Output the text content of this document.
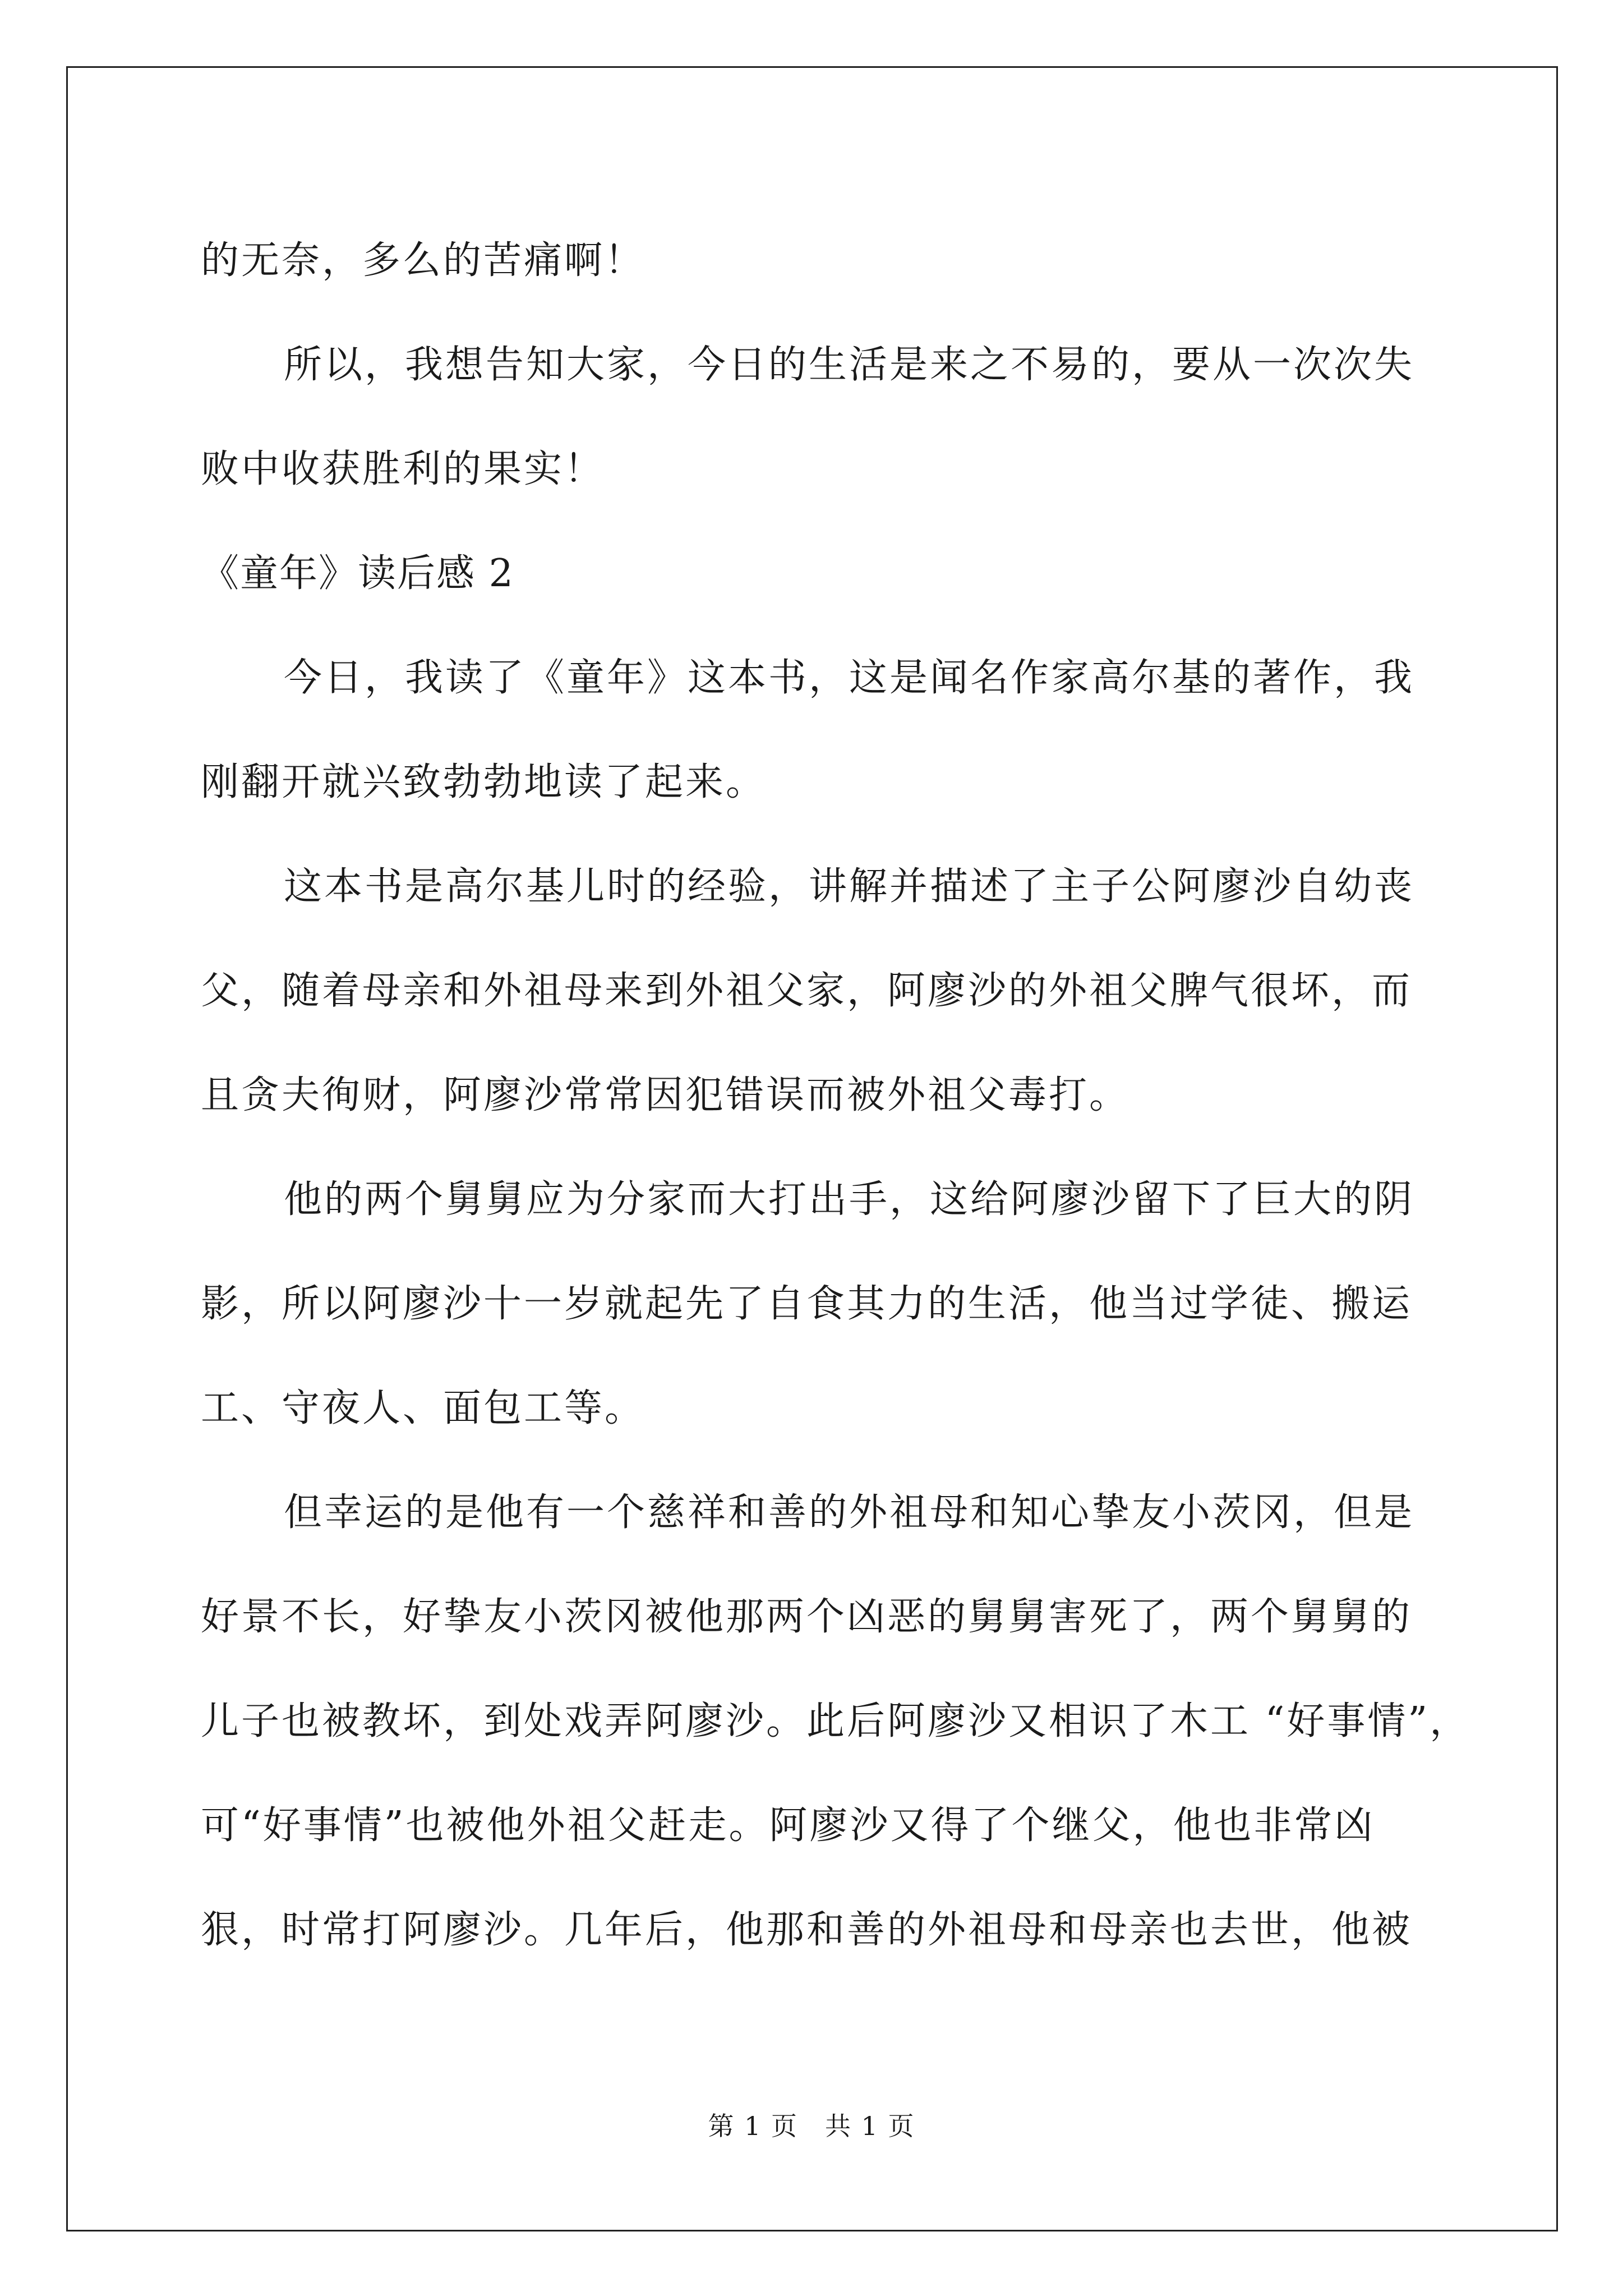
的无奈，多么的苦痛啊！
所以，我想告知大家，今日的生活是来之不易的，要从一次次失
败中收获胜利的果实！
《童年》读后感 2
今日，我读了《童年》这本书，这是闻名作家高尔基的著作，我
刚翻开就兴致勃勃地读了起来。
这本书是高尔基儿时的经验，讲解并描述了主子公阿廖沙自幼丧
父，随着母亲和外祖母来到外祖父家，阿廖沙的外祖父脾气很坏，而
且贪夫徇财，阿廖沙常常因犯错误而被外祖父毒打。
他的两个舅舅应为分家而大打出手，这给阿廖沙留下了巨大的阴
影，所以阿廖沙十一岁就起先了自食其力的生活，他当过学徒、搬运
工、守夜人、面包工等。
但幸运的是他有一个慈祥和善的外祖母和知心挚友小茨冈，但是
好景不长，好挚友小茨冈被他那两个凶恶的舅舅害死了，两个舅舅的
儿子也被教坏，到处戏弄阿廖沙。此后阿廖沙又相识了木工 “好事情”，
可“好事情”也被他外祖父赶走。阿廖沙又得了个继父，他也非常凶
狠，时常打阿廖沙。几年后，他那和善的外祖母和母亲也去世，他被
第 1 页　共 1 页
